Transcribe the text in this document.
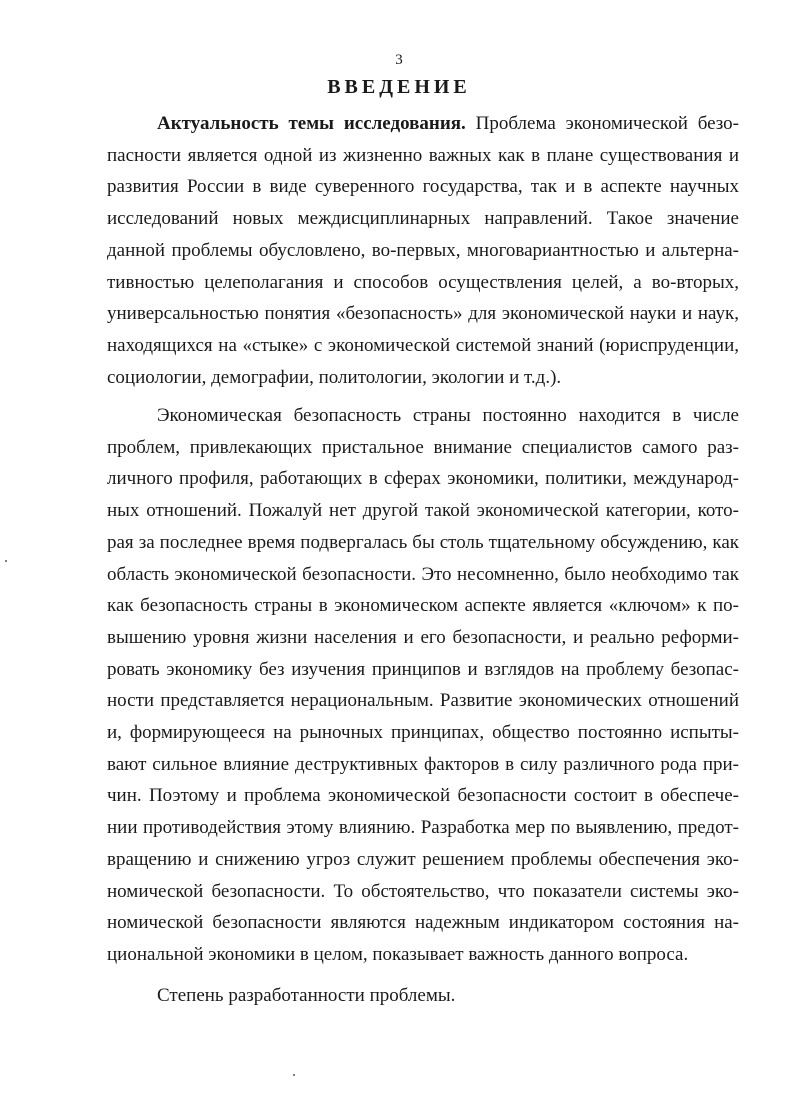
3
ВВЕДЕНИЕ
Актуальность темы исследования. Проблема экономической безо-
пасности является одной из жизненно важных как в плане существования и
развития России в виде суверенного государства, так и в аспекте научных
исследований новых междисциплинарных направлений. Такое значение
данной проблемы обусловлено, во-первых, многовариантностью и альтерна-
тивностью целеполагания и способов осуществления целей, а во-вторых,
универсальностью понятия «безопасность» для экономической науки и наук,
находящихся на «стыке» с экономической системой знаний (юриспруденции,
социологии, демографии, политологии, экологии и т.д.).
Экономическая безопасность страны постоянно находится в числе
проблем, привлекающих пристальное внимание специалистов самого раз-
личного профиля, работающих в сферах экономики, политики, международ-
ных отношений. Пожалуй нет другой такой экономической категории, кото-
рая за последнее время подвергалась бы столь тщательному обсуждению, как
область экономической безопасности. Это несомненно, было необходимо так
как безопасность страны в экономическом аспекте является «ключом» к по-
вышению уровня жизни населения и его безопасности, и реально реформи-
ровать экономику без изучения принципов и взглядов на проблему безопас-
ности представляется нерациональным. Развитие экономических отношений
и, формирующееся на рыночных принципах, общество постоянно испыты-
вают сильное влияние деструктивных факторов в силу различного рода при-
чин. Поэтому и проблема экономической безопасности состоит в обеспече-
нии противодействия этому влиянию. Разработка мер по выявлению, предот-
вращению и снижению угроз служит решением проблемы обеспечения эко-
номической безопасности. То обстоятельство, что показатели системы эко-
номической безопасности являются надежным индикатором состояния на-
циональной экономики в целом, показывает важность данного вопроса.
Степень разработанности проблемы.
